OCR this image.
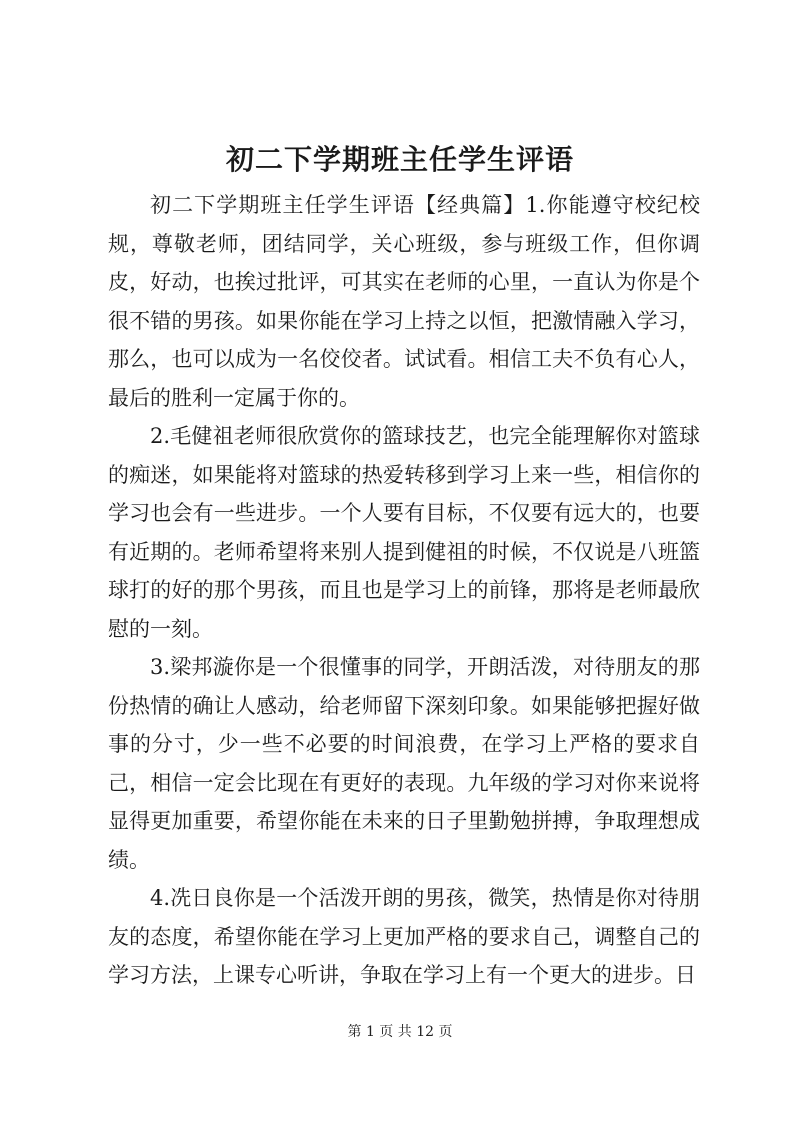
初二下学期班主任学生评语

初二下学期班主任学生评语【经典篇】1.你能遵守校纪校规，尊敬老师，团结同学，关心班级，参与班级工作，但你调皮，好动，也挨过批评，可其实在老师的心里，一直认为你是个很不错的男孩。如果你能在学习上持之以恒，把激情融入学习，那么，也可以成为一名佼佼者。试试看。相信工夫不负有心人，最后的胜利一定属于你的。

2.毛健祖老师很欣赏你的篮球技艺，也完全能理解你对篮球的痴迷，如果能将对篮球的热爱转移到学习上来一些，相信你的学习也会有一些进步。一个人要有目标，不仅要有远大的，也要有近期的。老师希望将来别人提到健祖的时候，不仅说是八班篮球打的好的那个男孩，而且也是学习上的前锋，那将是老师最欣慰的一刻。

3.梁邦漩你是一个很懂事的同学，开朗活泼，对待朋友的那份热情的确让人感动，给老师留下深刻印象。如果能够把握好做事的分寸，少一些不必要的时间浪费，在学习上严格的要求自己，相信一定会比现在有更好的表现。九年级的学习对你来说将显得更加重要，希望你能在未来的日子里勤勉拼搏，争取理想成绩。

4.冼日良你是一个活泼开朗的男孩，微笑，热情是你对待朋友的态度，希望你能在学习上更加严格的要求自己，调整自己的学习方法，上课专心听讲，争取在学习上有一个更大的进步。日

第 1 页 共 12 页
